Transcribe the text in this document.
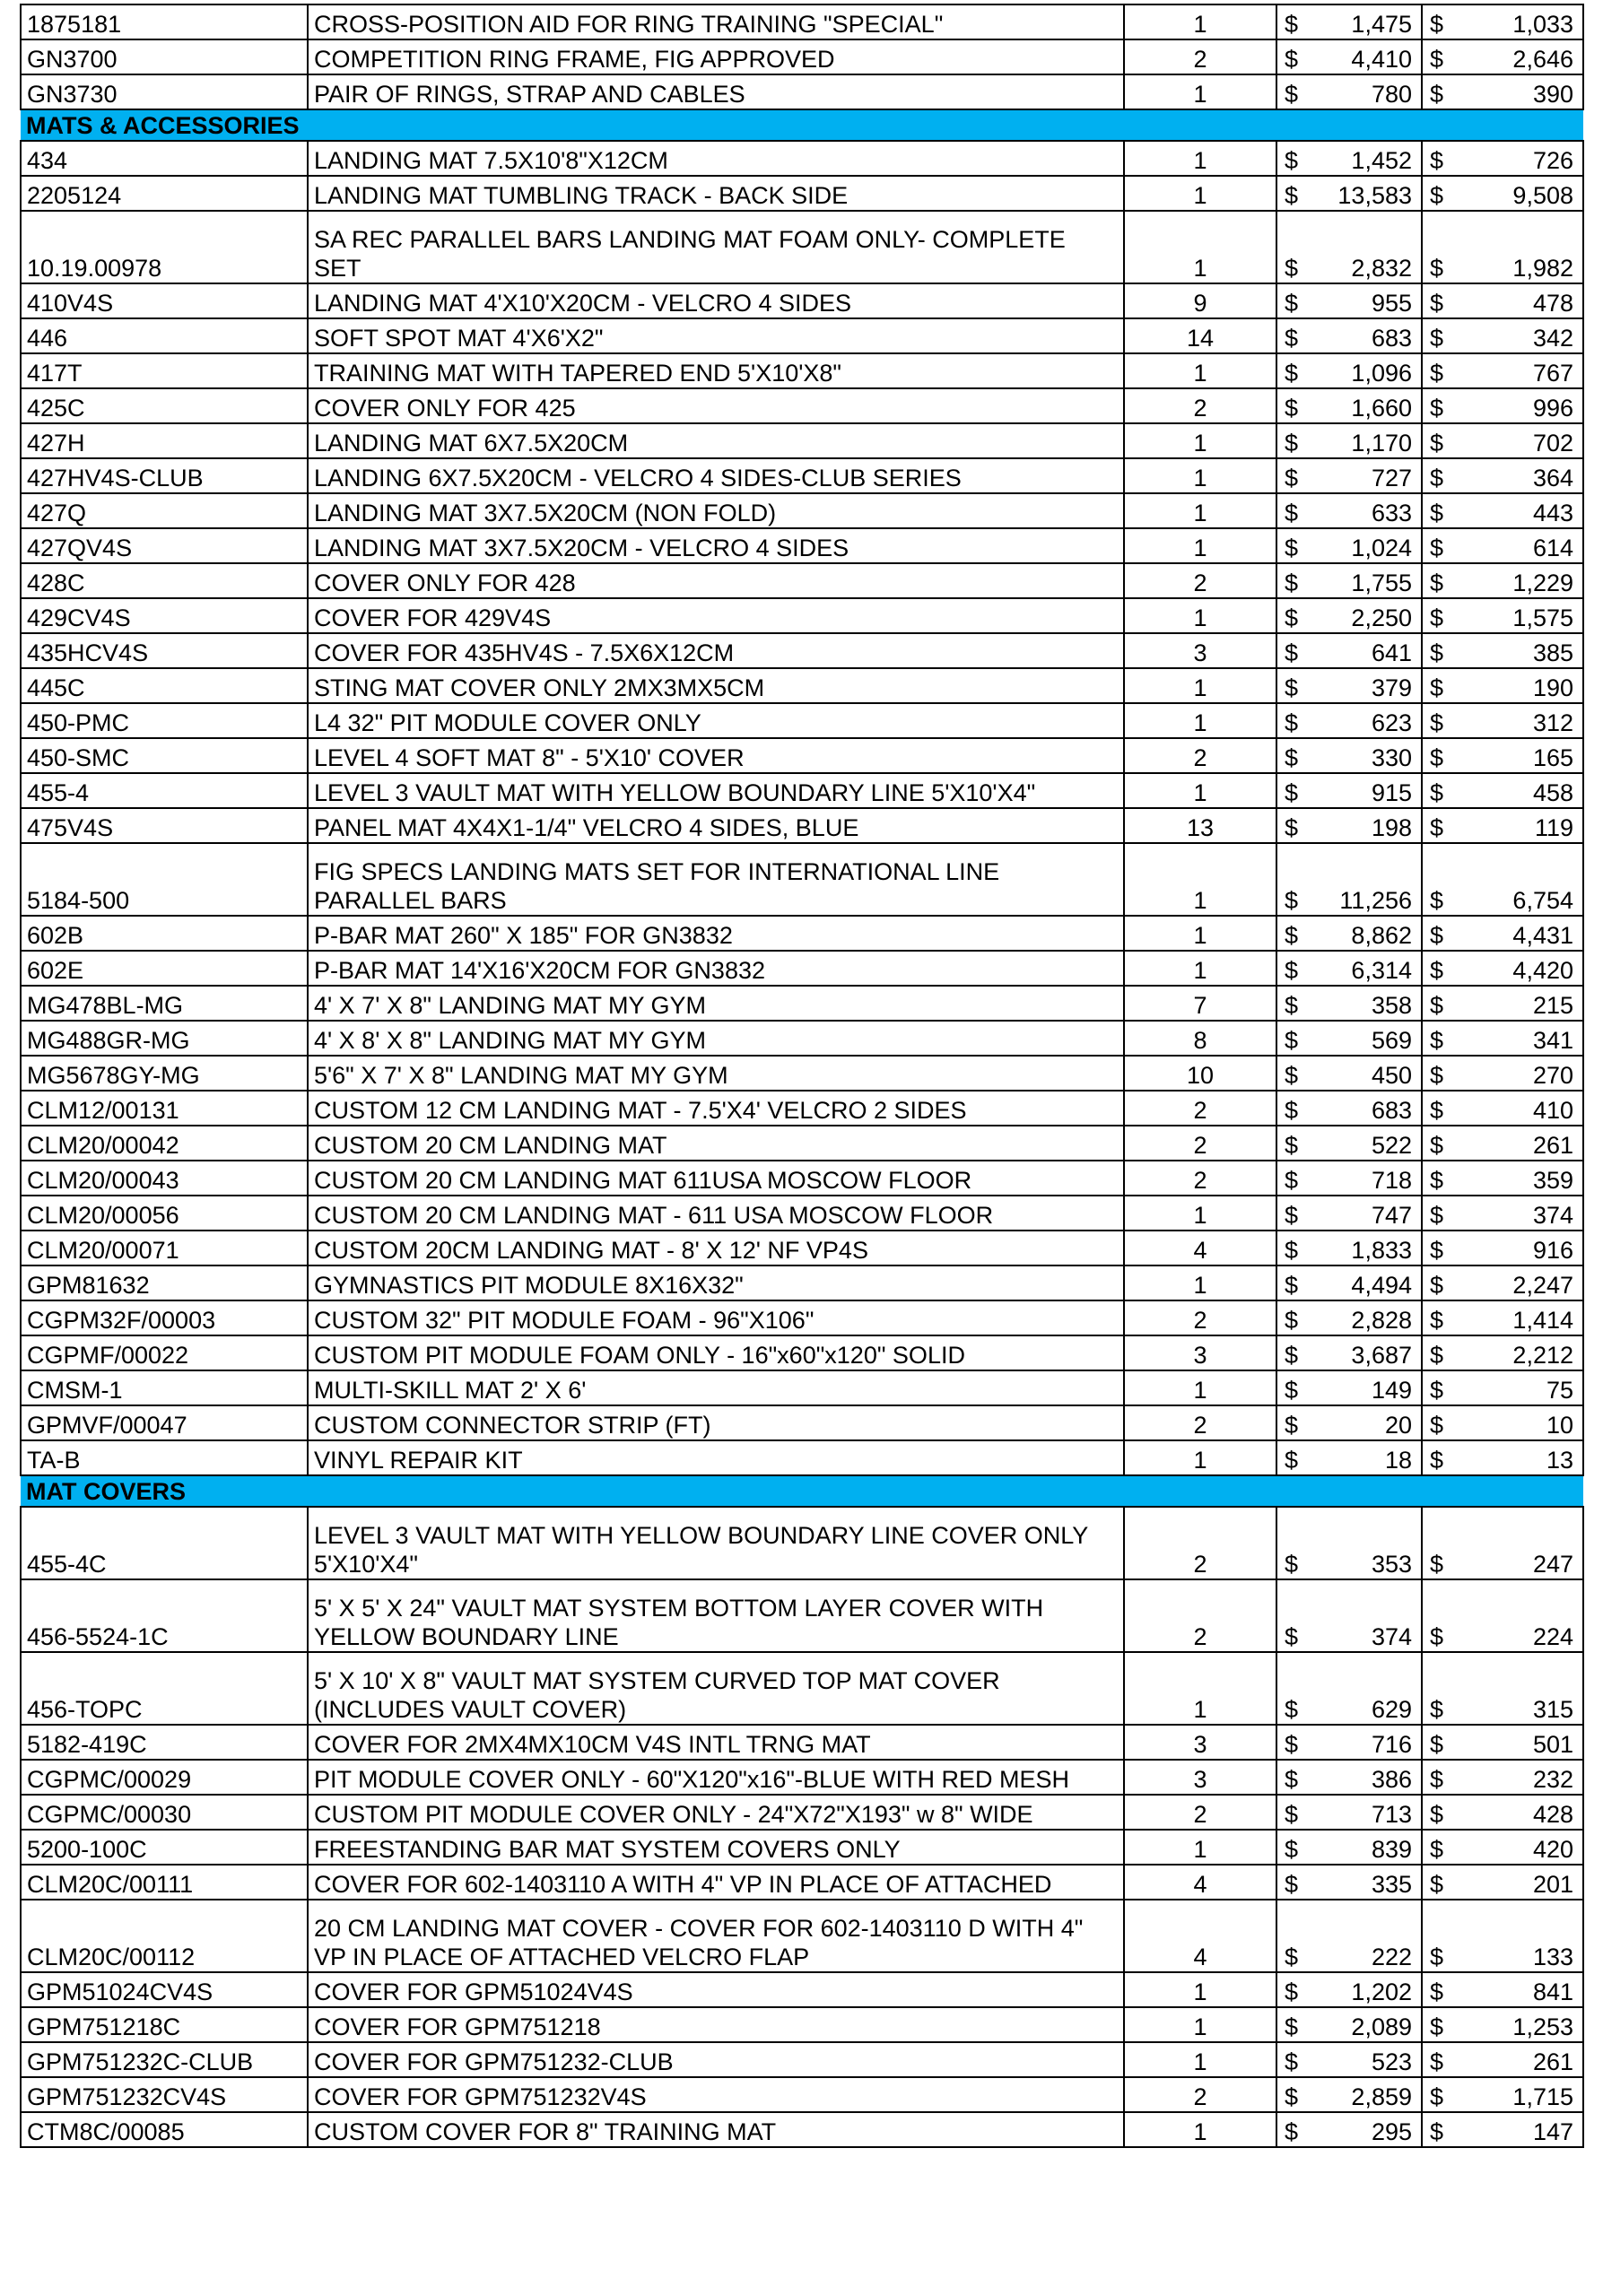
1875181	CROSS-POSITION AID FOR RING TRAINING "SPECIAL"	1	$	1,475	$	1,033
GN3700	COMPETITION RING FRAME, FIG APPROVED	2	$	4,410	$	2,646
GN3730	PAIR OF RINGS, STRAP AND CABLES	1	$	780	$	390
MATS & ACCESSORIES						
434	LANDING MAT 7.5X10'8"X12CM	1	$	1,452	$	726
2205124	LANDING MAT TUMBLING TRACK - BACK SIDE	1	$	13,583	$	9,508
10.19.00978	SA REC PARALLEL BARS LANDING MAT FOAM ONLY- COMPLETE SET	1	$	2,832	$	1,982
410V4S	LANDING MAT 4'X10'X20CM - VELCRO 4 SIDES	9	$	955	$	478
446	SOFT SPOT MAT 4'X6'X2"	14	$	683	$	342
417T	TRAINING MAT WITH TAPERED END 5'X10'X8"	1	$	1,096	$	767
425C	COVER ONLY FOR 425	2	$	1,660	$	996
427H	LANDING MAT 6X7.5X20CM	1	$	1,170	$	702
427HV4S-CLUB	LANDING 6X7.5X20CM - VELCRO 4 SIDES-CLUB SERIES	1	$	727	$	364
427Q	LANDING MAT 3X7.5X20CM (NON FOLD)	1	$	633	$	443
427QV4S	LANDING MAT 3X7.5X20CM - VELCRO 4 SIDES	1	$	1,024	$	614
428C	COVER ONLY FOR 428	2	$	1,755	$	1,229
429CV4S	COVER FOR 429V4S	1	$	2,250	$	1,575
435HCV4S	COVER FOR 435HV4S - 7.5X6X12CM	3	$	641	$	385
445C	STING MAT COVER ONLY 2MX3MX5CM	1	$	379	$	190
450-PMC	L4 32" PIT MODULE COVER ONLY	1	$	623	$	312
450-SMC	LEVEL 4 SOFT MAT 8" - 5'X10' COVER	2	$	330	$	165
455-4	LEVEL 3 VAULT MAT WITH YELLOW BOUNDARY LINE 5'X10'X4"	1	$	915	$	458
475V4S	PANEL MAT 4X4X1-1/4" VELCRO 4 SIDES, BLUE	13	$	198	$	119
5184-500	FIG SPECS LANDING MATS SET FOR INTERNATIONAL LINE PARALLEL BARS	1	$	11,256	$	6,754
602B	P-BAR MAT 260" X 185" FOR GN3832	1	$	8,862	$	4,431
602E	P-BAR MAT 14'X16'X20CM FOR GN3832	1	$	6,314	$	4,420
MG478BL-MG	4' X 7' X 8" LANDING MAT MY GYM	7	$	358	$	215
MG488GR-MG	4' X 8' X 8" LANDING MAT MY GYM	8	$	569	$	341
MG5678GY-MG	5'6" X 7' X 8" LANDING MAT MY GYM	10	$	450	$	270
CLM12/00131	CUSTOM 12 CM LANDING MAT - 7.5'X4' VELCRO 2 SIDES	2	$	683	$	410
CLM20/00042	CUSTOM 20 CM LANDING MAT	2	$	522	$	261
CLM20/00043	CUSTOM 20 CM LANDING MAT 611USA MOSCOW FLOOR	2	$	718	$	359
CLM20/00056	CUSTOM 20 CM LANDING MAT - 611 USA MOSCOW FLOOR	1	$	747	$	374
CLM20/00071	CUSTOM 20CM LANDING MAT - 8' X 12' NF VP4S	4	$	1,833	$	916
GPM81632	GYMNASTICS PIT MODULE 8X16X32"	1	$	4,494	$	2,247
CGPM32F/00003	CUSTOM 32" PIT MODULE FOAM - 96"X106"	2	$	2,828	$	1,414
CGPMF/00022	CUSTOM PIT MODULE FOAM ONLY - 16"x60"x120" SOLID	3	$	3,687	$	2,212
CMSM-1	MULTI-SKILL MAT 2' X 6'	1	$	149	$	75
GPMVF/00047	CUSTOM CONNECTOR STRIP (FT)	2	$	20	$	10
TA-B	VINYL REPAIR KIT	1	$	18	$	13
MAT COVERS						
455-4C	LEVEL 3 VAULT MAT WITH YELLOW BOUNDARY LINE COVER ONLY 5'X10'X4"	2	$	353	$	247
456-5524-1C	5' X 5' X 24" VAULT MAT SYSTEM BOTTOM LAYER COVER WITH YELLOW BOUNDARY LINE	2	$	374	$	224
456-TOPC	5' X 10' X 8" VAULT MAT SYSTEM CURVED TOP MAT COVER (INCLUDES VAULT COVER)	1	$	629	$	315
5182-419C	COVER FOR 2MX4MX10CM V4S INTL TRNG MAT	3	$	716	$	501
CGPMC/00029	PIT MODULE COVER ONLY - 60"X120"x16"-BLUE WITH RED MESH	3	$	386	$	232
CGPMC/00030	CUSTOM PIT MODULE COVER ONLY - 24"X72"X193" w 8" WIDE	2	$	713	$	428
5200-100C	FREESTANDING BAR MAT SYSTEM COVERS ONLY	1	$	839	$	420
CLM20C/00111	COVER FOR 602-1403110 A WITH 4" VP IN PLACE OF ATTACHED	4	$	335	$	201
CLM20C/00112	20 CM LANDING MAT COVER - COVER FOR 602-1403110 D WITH 4" VP IN PLACE OF ATTACHED VELCRO FLAP	4	$	222	$	133
GPM51024CV4S	COVER FOR GPM51024V4S	1	$	1,202	$	841
GPM751218C	COVER FOR GPM751218	1	$	2,089	$	1,253
GPM751232C-CLUB	COVER FOR GPM751232-CLUB	1	$	523	$	261
GPM751232CV4S	COVER FOR GPM751232V4S	2	$	2,859	$	1,715
CTM8C/00085	CUSTOM COVER FOR 8" TRAINING MAT	1	$	295	$	147
